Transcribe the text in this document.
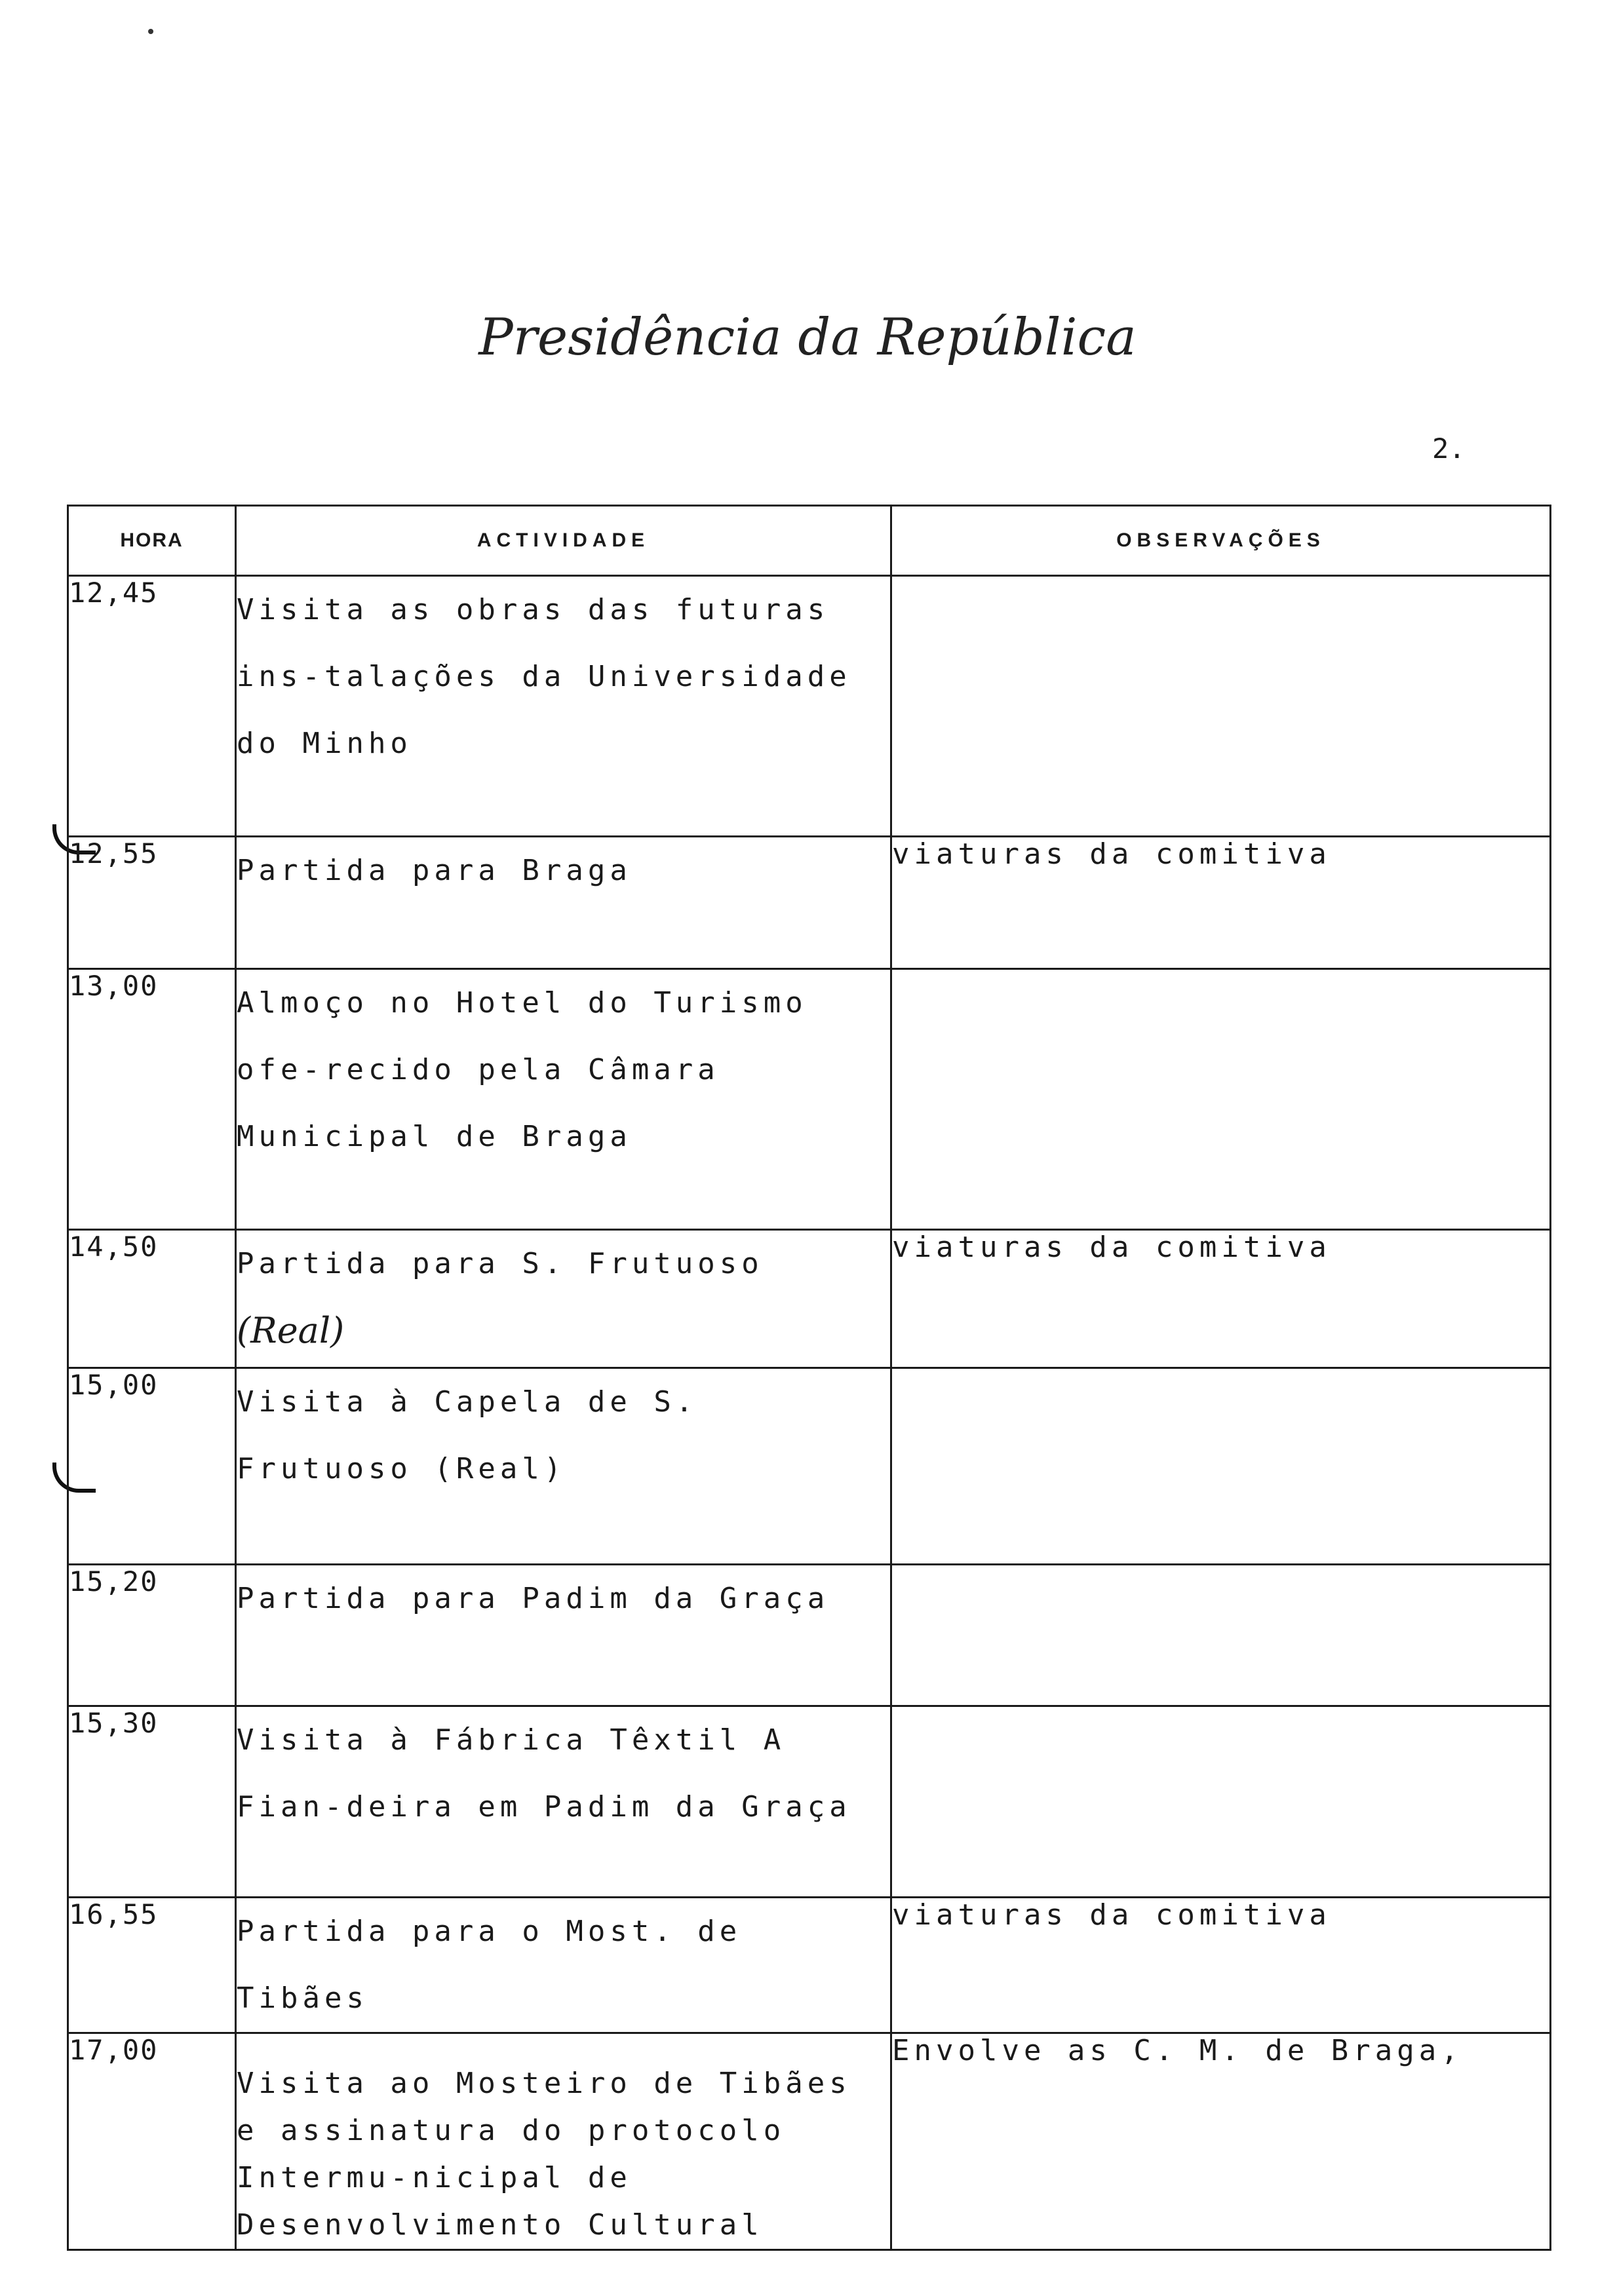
Presidência da República
2.
HORA	ACTIVIDADE	OBSERVAÇÕES
12,45	Visita as obras das futuras ins-talações da Universidade do Minho	
12,55	Partida para Braga	viaturas da comitiva
13,00	Almoço no Hotel do Turismo ofe-recido pela Câmara Municipal de Braga	
14,50	Partida para S. Frutuoso (Real)	viaturas da comitiva
15,00	Visita à Capela de S. Frutuoso (Real)	
15,20	Partida para Padim da Graça	
15,30	Visita à Fábrica Têxtil A Fian-deira em Padim da Graça	
16,55	Partida para o Most. de Tibães	viaturas da comitiva
17,00	Visita ao Mosteiro de Tibães e assinatura do protocolo Intermu-nicipal de Desenvolvimento Cultural	Envolve as C. M. de Braga,
